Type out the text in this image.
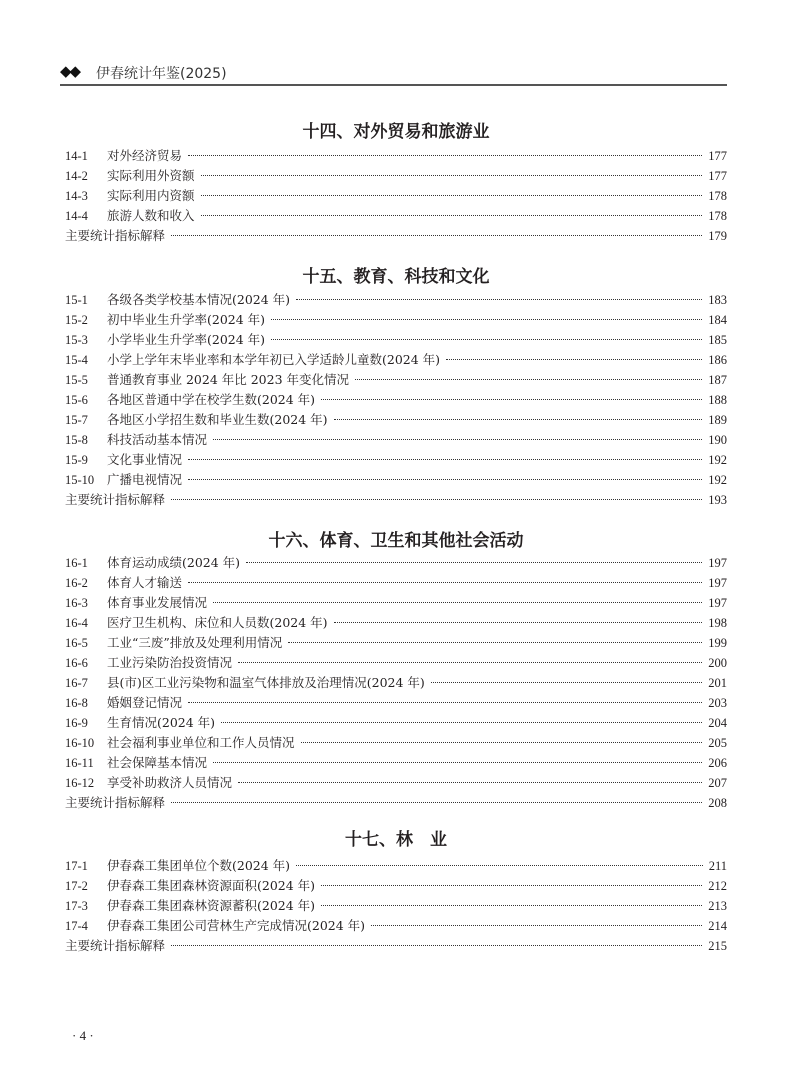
◆◆ 伊春统计年鉴(2025)
十四、对外贸易和旅游业
14-1	对外经济贸易	177
14-2	实际利用外资额	177
14-3	实际利用内资额	178
14-4	旅游人数和收入	178
主要统计指标解释	179
十五、教育、科技和文化
15-1	各级各类学校基本情况(2024 年)	183
15-2	初中毕业生升学率(2024 年)	184
15-3	小学毕业生升学率(2024 年)	185
15-4	小学上学年末毕业率和本学年初已入学适龄儿童数(2024 年)	186
15-5	普通教育事业 2024 年比 2023 年变化情况	187
15-6	各地区普通中学在校学生数(2024 年)	188
15-7	各地区小学招生数和毕业生数(2024 年)	189
15-8	科技活动基本情况	190
15-9	文化事业情况	192
15-10	广播电视情况	192
主要统计指标解释	193
十六、体育、卫生和其他社会活动
16-1	体育运动成绩(2024 年)	197
16-2	体育人才输送	197
16-3	体育事业发展情况	197
16-4	医疗卫生机构、床位和人员数(2024 年)	198
16-5	工业“三废”排放及处理利用情况	199
16-6	工业污染防治投资情况	200
16-7	县(市)区工业污染物和温室气体排放及治理情况(2024 年)	201
16-8	婚姻登记情况	203
16-9	生育情况(2024 年)	204
16-10	社会福利事业单位和工作人员情况	205
16-11	社会保障基本情况	206
16-12	享受补助救济人员情况	207
主要统计指标解释	208
十七、林　业
17-1	伊春森工集团单位个数(2024 年)	211
17-2	伊春森工集团森林资源面积(2024 年)	212
17-3	伊春森工集团森林资源蓄积(2024 年)	213
17-4	伊春森工集团公司营林生产完成情况(2024 年)	214
主要统计指标解释	215
· 4 ·
